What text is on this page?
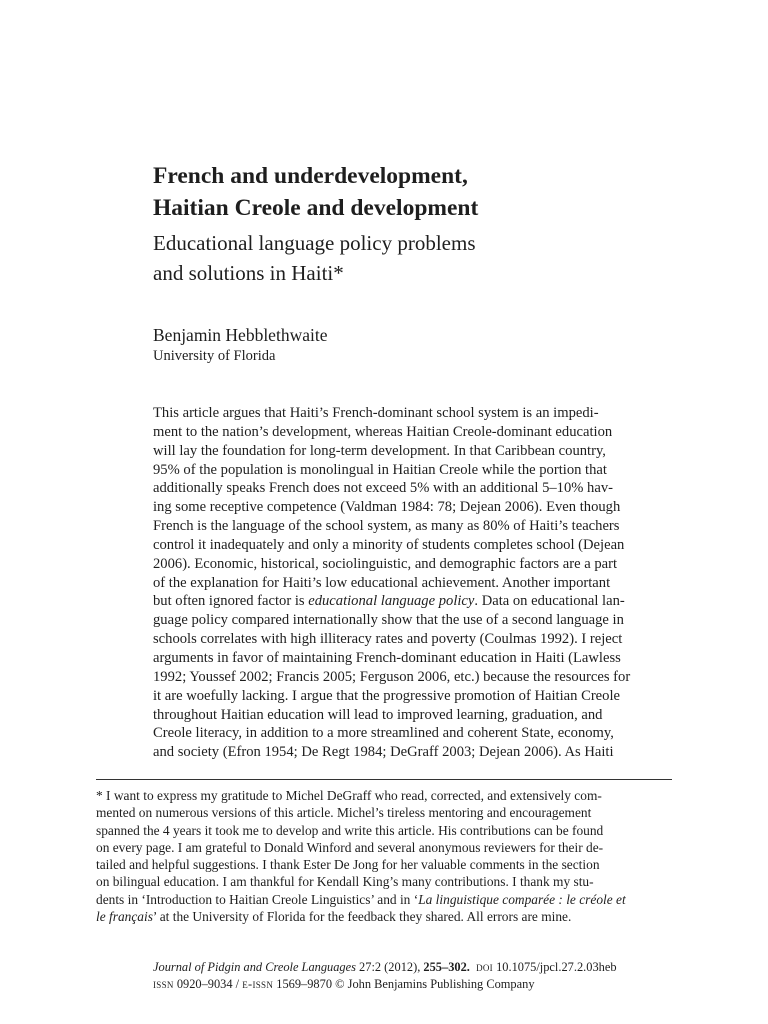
French and underdevelopment,
Haitian Creole and development
Educational language policy problems
and solutions in Haiti*
Benjamin Hebblethwaite
University of Florida
This article argues that Haiti’s French-dominant school system is an impedi-
ment to the nation’s development, whereas Haitian Creole-dominant education
will lay the foundation for long-term development. In that Caribbean country,
95% of the population is monolingual in Haitian Creole while the portion that
additionally speaks French does not exceed 5% with an additional 5–10% hav-
ing some receptive competence (Valdman 1984: 78; Dejean 2006). Even though
French is the language of the school system, as many as 80% of Haiti’s teachers
control it inadequately and only a minority of students completes school (Dejean
2006). Economic, historical, sociolinguistic, and demographic factors are a part
of the explanation for Haiti’s low educational achievement. Another important
but often ignored factor is educational language policy. Data on educational lan-
guage policy compared internationally show that the use of a second language in
schools correlates with high illiteracy rates and poverty (Coulmas 1992). I reject
arguments in favor of maintaining French-dominant education in Haiti (Lawless
1992; Youssef 2002; Francis 2005; Ferguson 2006, etc.) because the resources for
it are woefully lacking. I argue that the progressive promotion of Haitian Creole
throughout Haitian education will lead to improved learning, graduation, and
Creole literacy, in addition to a more streamlined and coherent State, economy,
and society (Efron 1954; De Regt 1984; DeGraff 2003; Dejean 2006). As Haiti
* I want to express my gratitude to Michel DeGraff who read, corrected, and extensively com-
mented on numerous versions of this article. Michel’s tireless mentoring and encouragement
spanned the 4 years it took me to develop and write this article. His contributions can be found
on every page. I am grateful to Donald Winford and several anonymous reviewers for their de-
tailed and helpful suggestions. I thank Ester De Jong for her valuable comments in the section
on bilingual education. I am thankful for Kendall King’s many contributions. I thank my stu-
dents in ‘Introduction to Haitian Creole Linguistics’ and in ‘La linguistique comparée : le créole et
le français’ at the University of Florida for the feedback they shared. All errors are mine.
Journal of Pidgin and Creole Languages 27:2 (2012), 255–302. doi 10.1075/jpcl.27.2.03heb
issn 0920–9034 / e-issn 1569–9870 © John Benjamins Publishing Company
